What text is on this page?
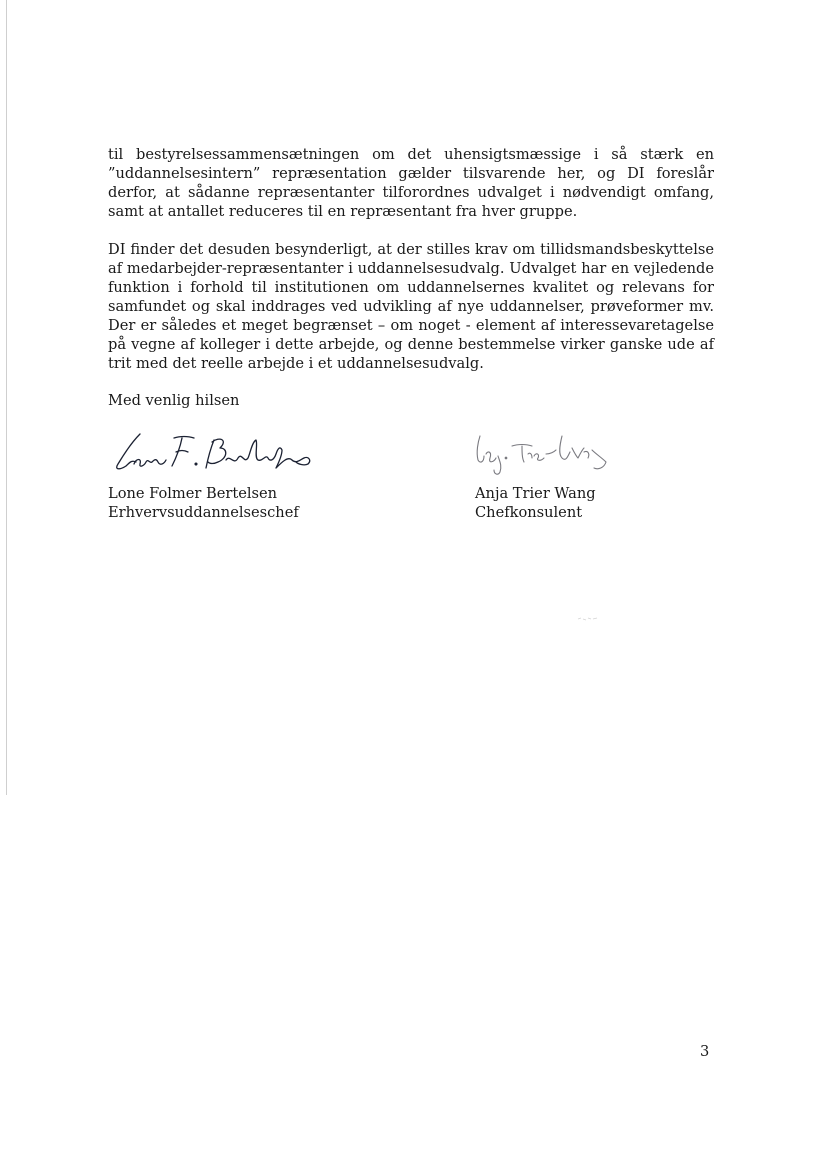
til bestyrelsessammensætningen om det uhensigtsmæssige i så stærk en ”uddannelsesintern” repræsentation gælder tilsvarende her, og DI foreslår derfor, at sådanne repræsentanter tilforordnes udvalget i nødvendigt omfang, samt at antallet reduceres til en repræsentant fra hver gruppe.

DI finder det desuden besynderligt, at der stilles krav om tillidsmandsbeskyttelse af medarbejder-repræsentanter i uddannelsesudvalg. Udvalget har en vejledende funktion i forhold til institutionen om uddannelsernes kvalitet og relevans for samfundet og skal inddrages ved udvikling af nye uddannelser, prøveformer mv. Der er således et meget begrænset – om noget - element af interessevaretagelse på vegne af kolleger i dette arbejde, og denne bestemmelse virker ganske ude af trit med det reelle arbejde i et uddannelsesudvalg.

Med venlig hilsen

Lone Folmer Bertelsen
Erhvervsuddannelseschef
Anja Trier Wang
Chefkonsulent
3
